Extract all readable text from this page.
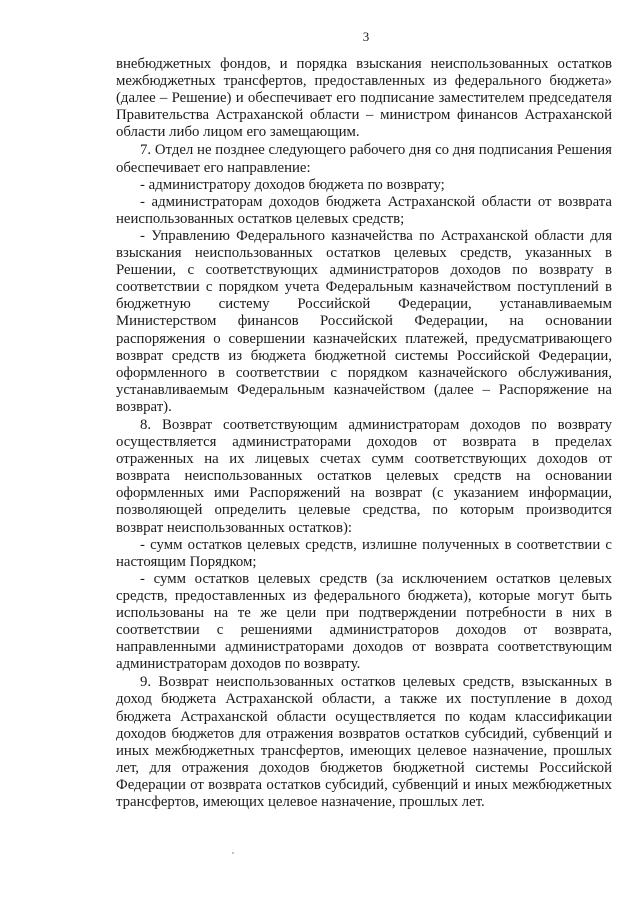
3

внебюджетных фондов, и порядка взыскания неиспользованных остатков межбюджетных трансфертов, предоставленных из федерального бюджета» (далее – Решение) и обеспечивает его подписание заместителем председателя Правительства Астраханской области – министром финансов Астраханской области либо лицом его замещающим.

7. Отдел не позднее следующего рабочего дня со дня подписания Решения обеспечивает его направление:

- администратору доходов бюджета по возврату;

- администраторам доходов бюджета Астраханской области от возврата неиспользованных остатков целевых средств;

- Управлению Федерального казначейства по Астраханской области для взыскания неиспользованных остатков целевых средств, указанных в Решении, с соответствующих администраторов доходов по возврату в соответствии с порядком учета Федеральным казначейством поступлений в бюджетную систему Российской Федерации, устанавливаемым Министерством финансов Российской Федерации, на основании распоряжения о совершении казначейских платежей, предусматривающего возврат средств из бюджета бюджетной системы Российской Федерации, оформленного в соответствии с порядком казначейского обслуживания, устанавливаемым Федеральным казначейством (далее – Распоряжение на возврат).

8. Возврат соответствующим администраторам доходов по возврату осуществляется администраторами доходов от возврата в пределах отраженных на их лицевых счетах сумм соответствующих доходов от возврата неиспользованных остатков целевых средств на основании оформленных ими Распоряжений на возврат (с указанием информации, позволяющей определить целевые средства, по которым производится возврат неиспользованных остатков):

- сумм остатков целевых средств, излишне полученных в соответствии с настоящим Порядком;

- сумм остатков целевых средств (за исключением остатков целевых средств, предоставленных из федерального бюджета), которые могут быть использованы на те же цели при подтверждении потребности в них в соответствии с решениями администраторов доходов от возврата, направленными администраторами доходов от возврата соответствующим администраторам доходов по возврату.

9. Возврат неиспользованных остатков целевых средств, взысканных в доход бюджета Астраханской области, а также их поступление в доход бюджета Астраханской области осуществляется по кодам классификации доходов бюджетов для отражения возвратов остатков субсидий, субвенций и иных межбюджетных трансфертов, имеющих целевое назначение, прошлых лет, для отражения доходов бюджетов бюджетной системы Российской Федерации от возврата остатков субсидий, субвенций и иных межбюджетных трансфертов, имеющих целевое назначение, прошлых лет.
